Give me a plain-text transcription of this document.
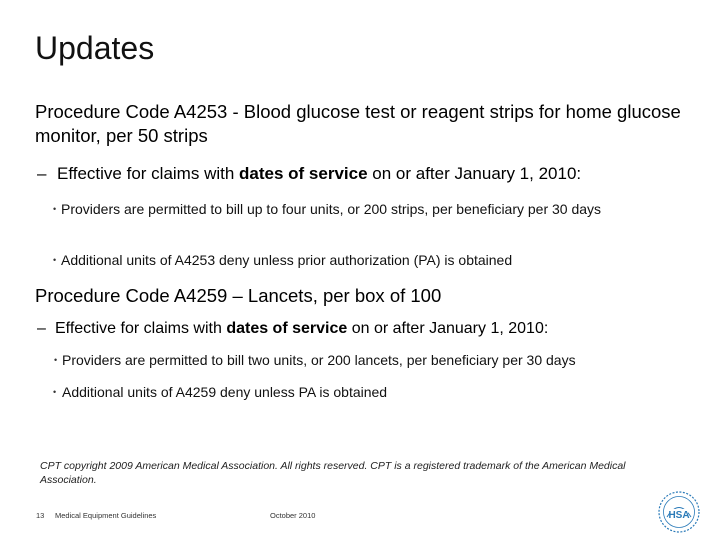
Updates

Procedure Code A4253 - Blood glucose test or reagent strips for home glucose monitor, per 50 strips

– Effective for claims with dates of service on or after January 1, 2010:

• Providers are permitted to bill up to four units, or 200 strips, per beneficiary per 30 days

• Additional units of A4253 deny unless prior authorization (PA) is obtained

Procedure Code A4259 – Lancets, per box of 100

– Effective for claims with dates of service on or after January 1, 2010:

• Providers are permitted to bill two units, or 200 lancets, per beneficiary per 30 days

• Additional units of A4259 deny unless PA is obtained

CPT copyright 2009 American Medical Association. All rights reserved. CPT is a registered trademark of the American Medical Association.

13 Medical Equipment Guidelines	October 2010	HSA
